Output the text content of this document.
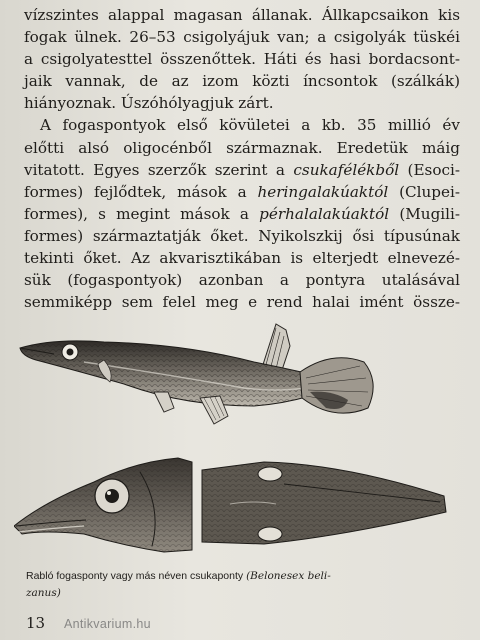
vízszintes alappal magasan állanak. Állkapcsaikon kis
fogak ülnek. 26–53 csigolyájuk van; a csigolyák tüskéi
a csigolyatesttel összenőttek. Háti és hasi bordacsont-
jaik vannak, de az izom közti íncsontok (szálkák)
hiányoznak. Úszóhólyagjuk zárt.
A fogaspontyok első kövületei a kb. 35 millió év
előtti alsó oligocénből származnak. Eredetük máig
vitatott. Egyes szerzők szerint a csukafélékből (Esoci-
formes) fejlődtek, mások a heringalakúaktól (Clupei-
formes), s megint mások a pérhalalakúaktól (Mugili-
formes) származtatják őket. Nyikolszkij ősi típusúnak
tekinti őket. Az akvarisztikában is elterjedt elnevezé-
sük (fogaspontyok) azonban a pontyra utalásával
semmiképp sem felel meg e rend halai imént össze-
Rabló fogasponty vagy más néven csukaponty (Belonesex beli-
zanus)
13 Antikvarium.hu
